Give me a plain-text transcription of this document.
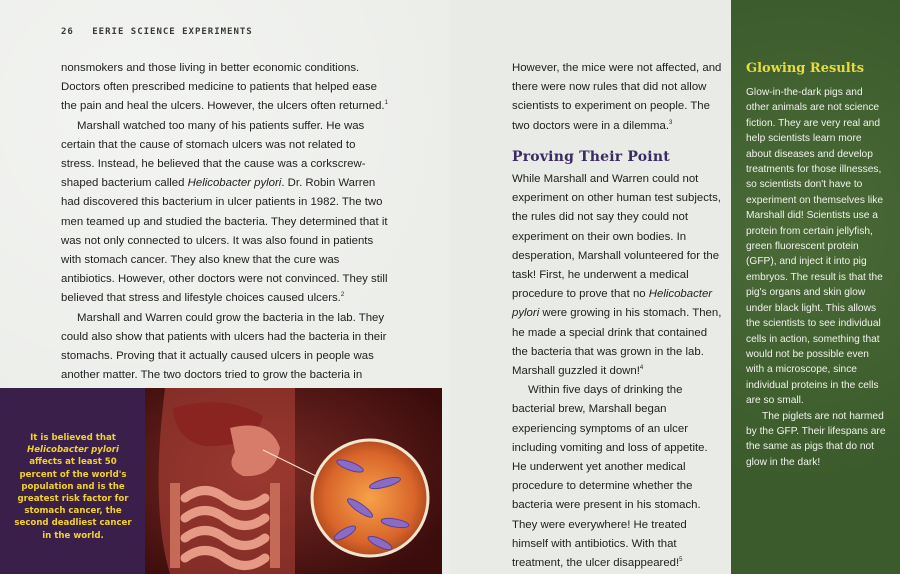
26 EERIE SCIENCE EXPERIMENTS

nonsmokers and those living in better economic conditions. Doctors often prescribed medicine to patients that helped ease the pain and heal the ulcers. However, the ulcers often returned.$^1$

Marshall watched too many of his patients suffer. He was certain that the cause of stomach ulcers was not related to stress. Instead, he believed that the cause was a corkscrew-shaped bacterium called Helicobacter pylori. Dr. Robin Warren had discovered this bacterium in ulcer patients in 1982. The two men teamed up and studied the bacteria. They determined that it was not only connected to ulcers. It was also found in patients with stomach cancer. They also knew that the cure was antibiotics. However, other doctors were not convinced. They still believed that stress and lifestyle choices caused ulcers.$^2$

Marshall and Warren could grow the bacteria in the lab. They could also show that patients with ulcers had the bacteria in their stomachs. Proving that it actually caused ulcers in people was another matter. The two doctors tried to grow the bacteria in

However, the mice were not affected, and there were now rules that did not allow scientists to experiment on people. The two doctors were in a dilemma.$^3$

Proving Their Point

While Marshall and Warren could not experiment on other human test subjects, the rules did not say they could not experiment on their own bodies. In desperation, Marshall volunteered for the task! First, he underwent a medical procedure to prove that no Helicobacter pylori were growing in his stomach. Then, he made a special drink that contained the bacteria that was grown in the lab. Marshall guzzled it down!$^4$

Within five days of drinking the bacterial brew, Marshall began experiencing symptoms of an ulcer including vomiting and loss of appetite. He underwent yet another medical procedure to determine whether the bacteria were present in his stomach. They were everywhere! He treated himself with antibiotics. With that treatment, the ulcer disappeared!$^5$

It is believed that Helicobacter pylori affects at least 50 percent of the world's population and is the greatest risk factor for stomach cancer, the second deadliest cancer in the world.
Glowing Results

Glow-in-the-dark pigs and other animals are not science fiction. They are very real and help scientists learn more about diseases and develop treatments for those illnesses, so scientists don't have to experiment on themselves like Marshall did! Scientists use a protein from certain jellyfish, green fluorescent protein (GFP), and inject it into pig embryos. The result is that the pig's organs and skin glow under black light. This allows the scientists to see individual cells in action, something that would not be possible even with a microscope, since individual proteins in the cells are so small.

The piglets are not harmed by the GFP. Their lifespans are the same as pigs that do not glow in the dark!
